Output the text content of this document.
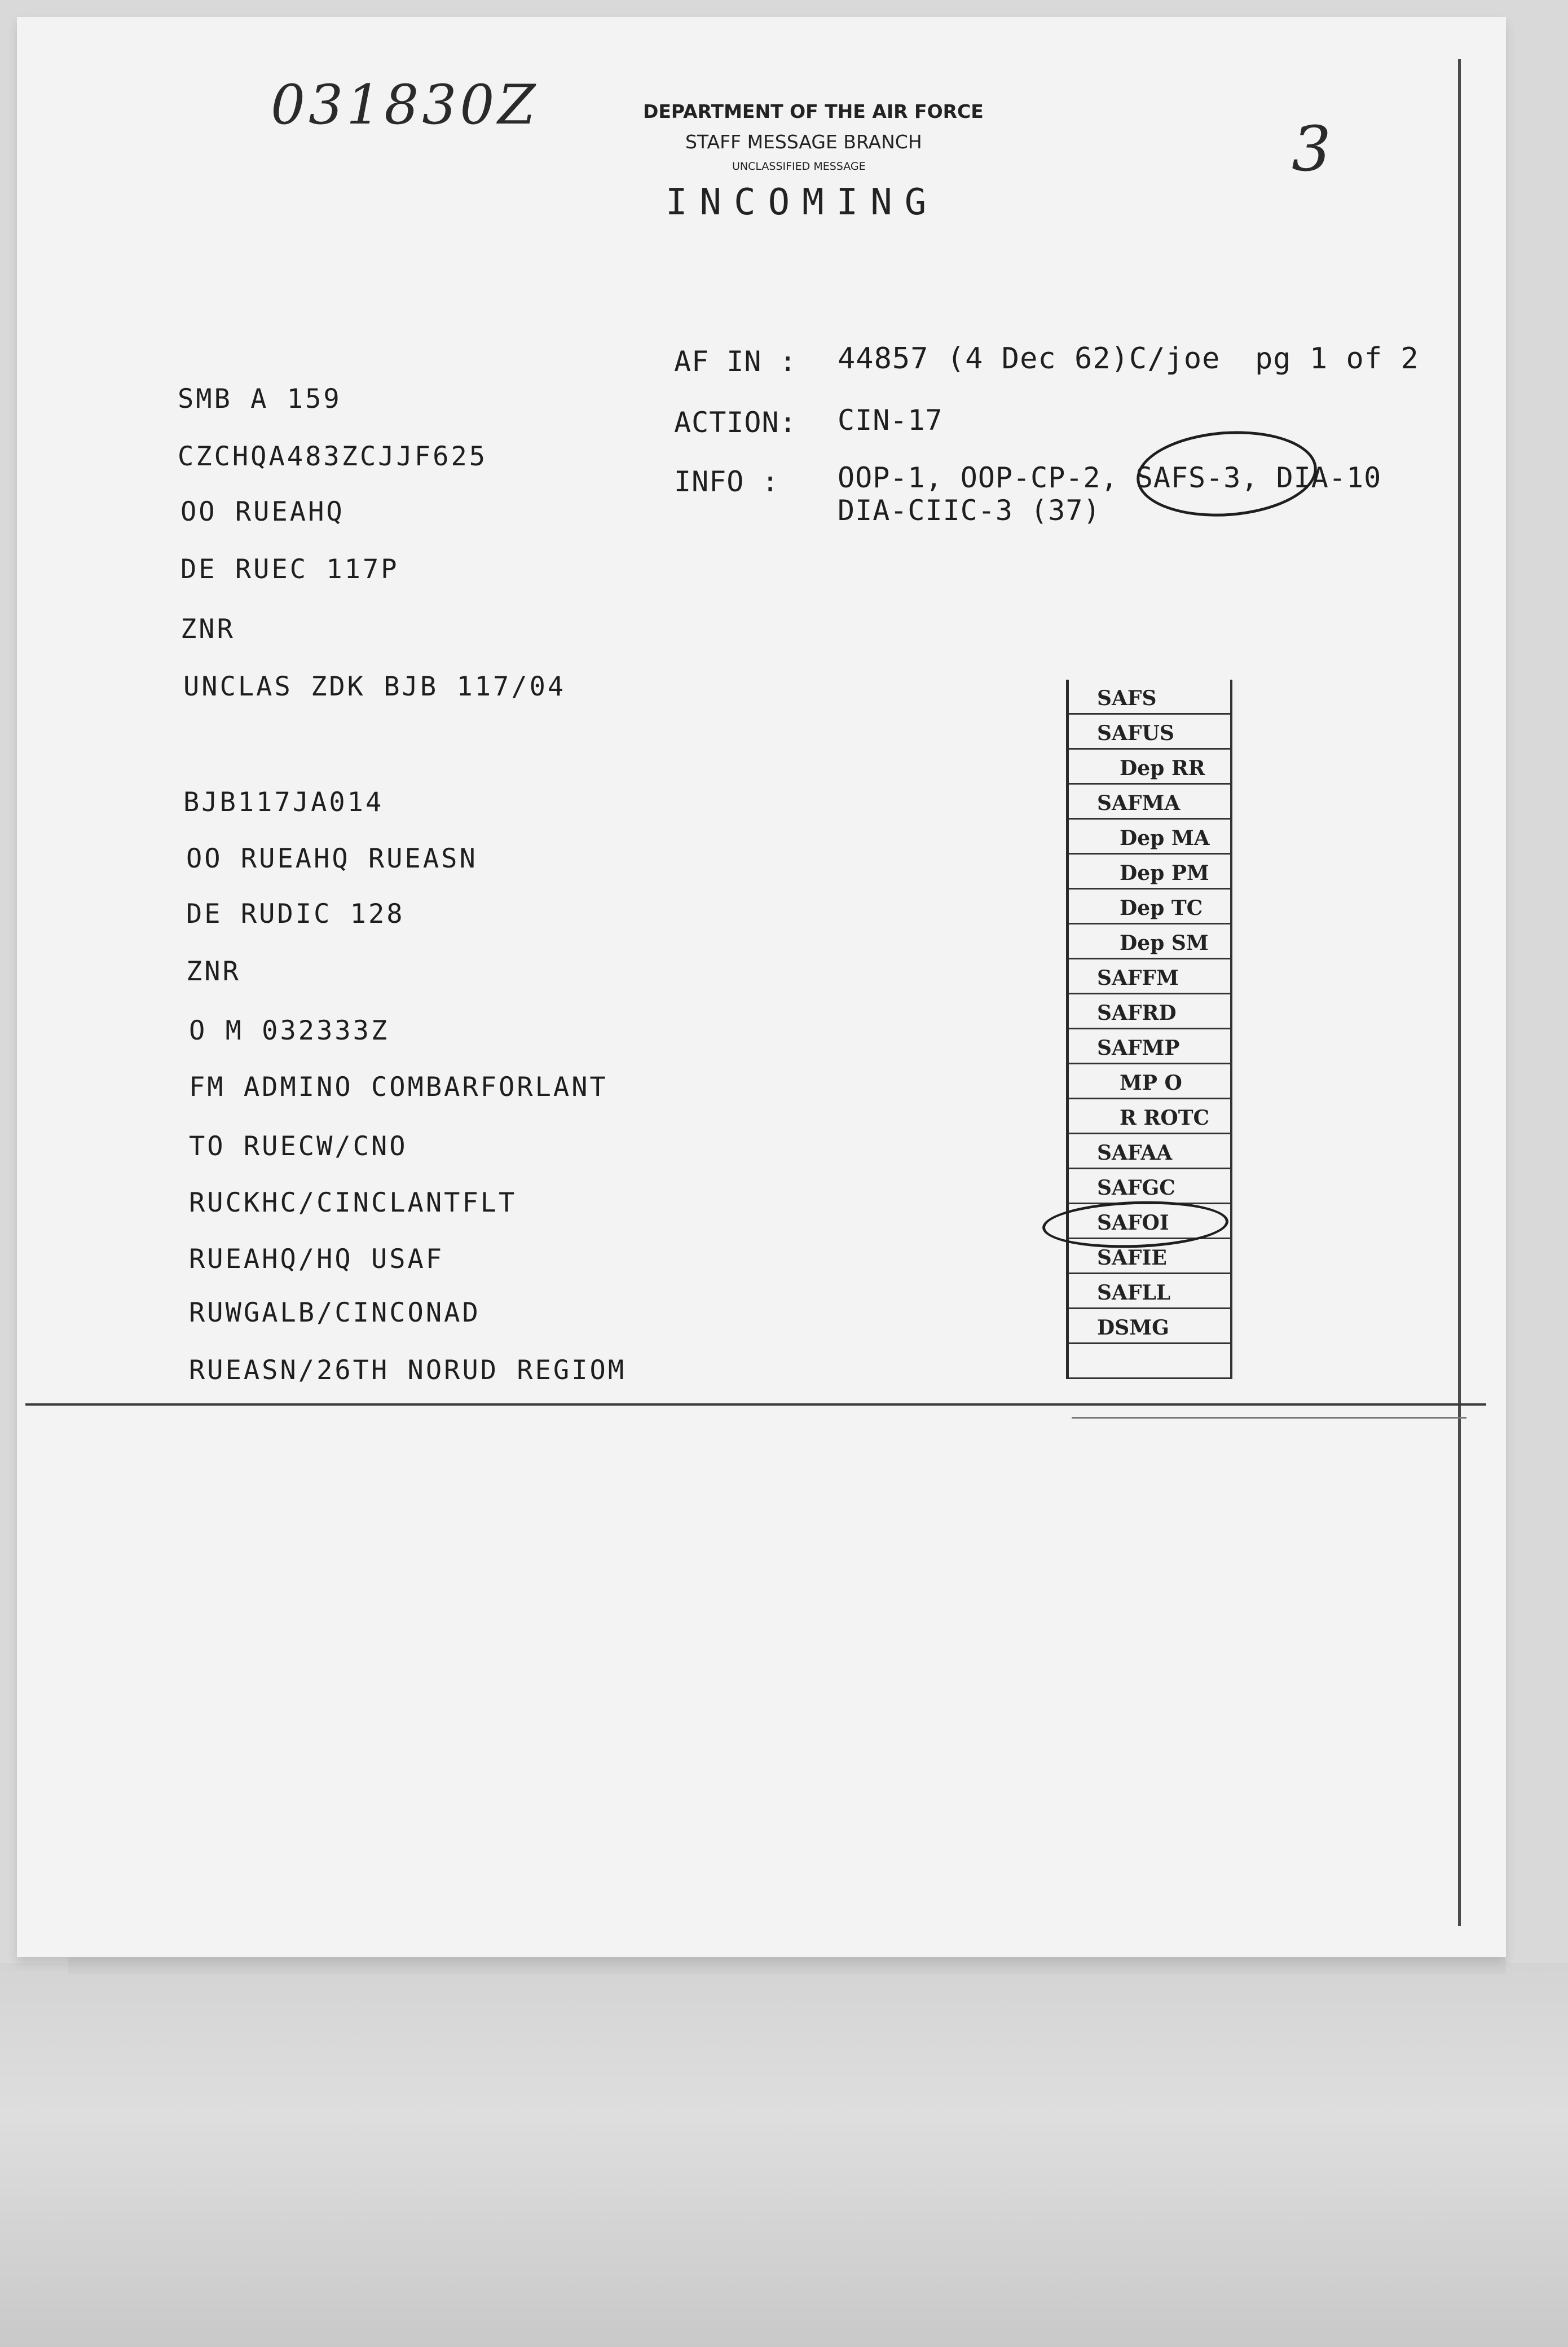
031830Z
3
DEPARTMENT OF THE AIR FORCE
STAFF MESSAGE BRANCH
UNCLASSIFIED MESSAGE
INCOMING
AF IN : 44857 (4 Dec 62)C/joe pg 1 of 2
ACTION: CIN-17
INFO : OOP-1, OOP-CP-2, SAFS-3, DIA-10
DIA-CIIC-3 (37)
SMB A 159
CZCHQA483ZCJJF625
OO RUEAHQ
DE RUEC 117P
ZNR
UNCLAS ZDK BJB 117/04
BJB117JA014
OO RUEAHQ RUEASN
DE RUDIC 128
ZNR
O M 032333Z
FM ADMINO COMBARFORLANT
TO RUECW/CNO
RUCKHC/CINCLANTFLT
RUEAHQ/HQ USAF
RUWGALB/CINCONAD
RUEASN/26TH NORUD REGIOM
SAFS
SAFUS
Dep RR
SAFMA
Dep MA
Dep PM
Dep TC
Dep SM
SAFFM
SAFRD
SAFMP
MP O
R ROTC
SAFAA
SAFGC
SAFOI
SAFIE
SAFLL
DSMG
